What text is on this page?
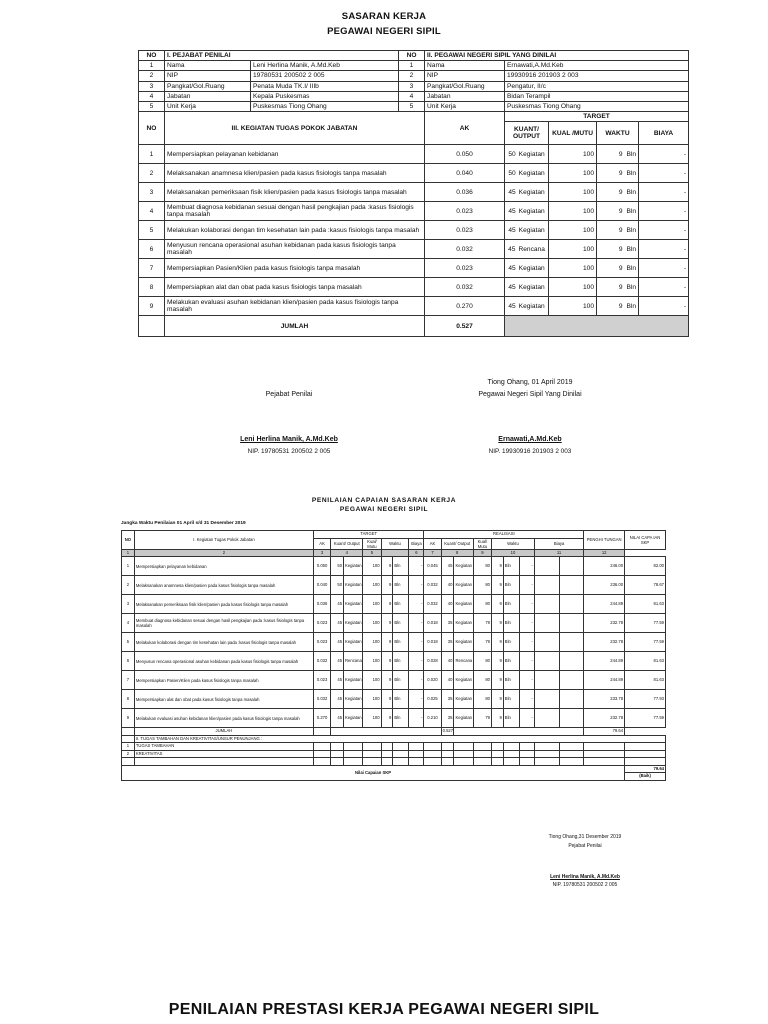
SASARAN KERJA
PEGAWAI NEGERI SIPIL
NO	I. PEJABAT PENILAI		NO	II. PEGAWAI NEGERI SIPIL YANG DINILAI				
1	Nama	Leni Herlina Manik, A.Md.Keb	1	Nama	Ernawati,A.Md.Keb			
2	NIP	19780531 200502 2 005	2	NIP	19930916 201903 2 003			
3	Pangkat/Gol.Ruang	Penata Muda TK.I/ IIIb	3	Pangkat/Gol.Ruang	Pengatur, II/c			
4	Jabatan	Kepala Puskesmas	4	Jabatan	Bidan Terampil			
5	Unit Kerja	Puskesmas Tiong Ohang	5	Unit Kerja	Puskesmas Tiong Ohang			
NO	III. KEGIATAN TUGAS POKOK JABATAN			AK	TARGET			
					KUANT/ OUTPUT	KUAL /MUTU	WAKTU	BIAYA
1	Mempersiapkan pelayanan kebidanan			0.050	50 Kegiatan	100	9 Bln	-
2	Melaksanakan anamnesa klien/pasien pada kasus fisiologis tanpa masalah			0.040	50 Kegiatan	100	9 Bln	-
3	Melaksanakan pemeriksaan fisik klien/pasien pada kasus fisiologis tanpa masalah			0.036	45 Kegiatan	100	9 Bln	-
4	Membuat diagnosa kebidanan sesuai dengan hasil pengkajian pada :kasus fisiologis tanpa masalah			0.023	45 Kegiatan	100	9 Bln	-
5	Melakukan kolaborasi dengan tim kesehatan lain pada :kasus fisiologis tanpa masalah			0.023	45 Kegiatan	100	9 Bln	-
6	Menyusun rencana operasional asuhan kebidanan pada kasus fisiologis tanpa masalah			0.032	45 Rencana	100	9 Bln	-
7	Mempersiapkan Pasien/Klien pada kasus fisiologis tanpa masalah			0.023	45 Kegiatan	100	9 Bln	-
8	Mempersiapkan alat dan obat pada kasus fisiologis tanpa masalah			0.032	45 Kegiatan	100	9 Bln	-
9	Melakukan evaluasi asuhan kebidanan klien/pasien pada kasus fisiologis tanpa masalah			0.270	45 Kegiatan	100	9 Bln	-
	JUMLAH			0.527				
Tiong Ohang, 01 April 2019
Pejabat Penilai	Pegawai Negeri Sipil Yang Dinilai
Leni Herlina Manik, A.Md.Keb
NIP. 19780531 200502 2 005
Ernawati,A.Md.Keb
NIP. 19930916 201903 2 003
PENILAIAN CAPAIAN SASARAN KERJA
PEGAWAI NEGERI SIPIL
Jangka Waktu Penilaian 01 April s/d 31 Desember 2019
NO	I. Kegiatan Tugas Pokok Jabatan	TARGET							REALISASI									PENGHI TUNGAN	NILAI CAPA IAN SKP
		AK	Kuant/ Output		Kual/ Mutu	Waktu		Biaya	AK	Kuant/ Output		Kual/ Mutu	Waktu			Biaya			
1	2	3	4		5			6	7	8		9	10			11		12	
1	Mempersiapkan pelayanan kebidanan	0.050	50	Kegiatan	100	9	Bln	-	0.045	45	Kegiatan	80	9	Bln	-			246.00	82.00
2	Melaksanakan anamnesa klien/pasien pada kasus fisiologis tanpa masalah	0.040	50	Kegiatan	100	9	Bln	-	0.032	40	Kegiatan	80	9	Bln	-			236.00	78.67
3	Melaksanakan pemeriksaan fisik klien/pasien pada kasus fisiologis tanpa masalah	0.036	45	Kegiatan	100	9	Bln	-	0.032	40	Kegiatan	80	9	Bln	-			244.89	81.63
4	Membuat diagnosa kebidanan sesuai dengan hasil pengkajian pada :kasus fisiologis tanpa masalah	0.023	45	Kegiatan	100	9	Bln	-	0.018	35	Kegiatan	79	9	Bln	-			232.78	77.59
5	Melakukan kolaborasi dengan tim kesehatan lain pada :kasus fisiologis tanpa masalah	0.023	45	Kegiatan	100	9	Bln	-	0.018	35	Kegiatan	79	9	Bln	-			232.78	77.59
6	Menyusun rencana operasional asuhan kebidanan pada kasus fisiologis tanpa masalah	0.032	45	Rencana	100	9	Bln	-	0.028	40	Rencana	80	9	Bln	-			244.89	81.63
7	Mempersiapkan Pasien/Klien pada kasus fisiologis tanpa masalah	0.023	45	Kegiatan	100	9	Bln	-	0.020	40	Kegiatan	80	9	Bln	-			244.89	81.63
8	Mempersiapkan alat dan obat pada kasus fisiologis tanpa masalah	0.032	45	Kegiatan	100	9	Bln	-	0.025	35	Kegiatan	80	9	Bln	-			233.78	77.93
9	Melakukan evaluasi asuhan kebidanan klien/pasien pada kasus fisiologis tanpa masalah	0.270	45	Kegiatan	100	9	Bln	-	0.210	35	Kegiatan	79	9	Bln	-			232.78	77.59
	JUMLAH									0.527								79.64	
	II. TUGAS TAMBAHAN DAN KREATIVITAS/UNSUR PENUNJANG :																		
1	TUGAS TAMBAHAN																		
2	KREATIVITAS																		

Nilai Capaian SKP																			79.64
																			(Baik)
Tiong Ohang,31 Desember 2019
Pejabat Penilai
Leni Herlina Manik, A.Md.Keb
NIP. 19780531 200502 2 005
PENILAIAN PRESTASI KERJA PEGAWAI NEGERI SIPIL
